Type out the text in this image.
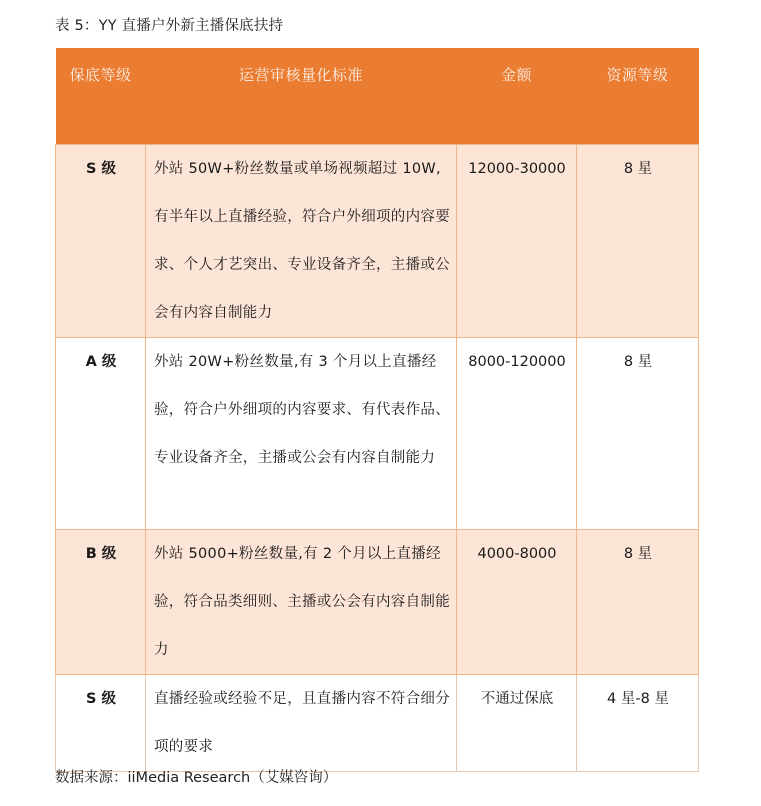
表 5：YY 直播户外新主播保底扶持
保底等级	运营审核量化标准	金额	资源等级

S 级	外站 50W+粉丝数量或单场视频超过 10W,有半年以上直播经验，符合户外细项的内容要求、个人才艺突出、专业设备齐全，主播或公会有内容自制能力	12000-30000	8 星

A 级	外站 20W+粉丝数量,有 3 个月以上直播经验，符合户外细项的内容要求、有代表作品、专业设备齐全，主播或公会有内容自制能力	8000-120000	8 星

B 级	外站 5000+粉丝数量,有 2 个月以上直播经验，符合品类细则、主播或公会有内容自制能力	4000-8000	8 星

S 级	直播经验或经验不足，且直播内容不符合细分项的要求	不通过保底	4 星-8 星
数据来源：iiMedia Research（艾媒咨询）
